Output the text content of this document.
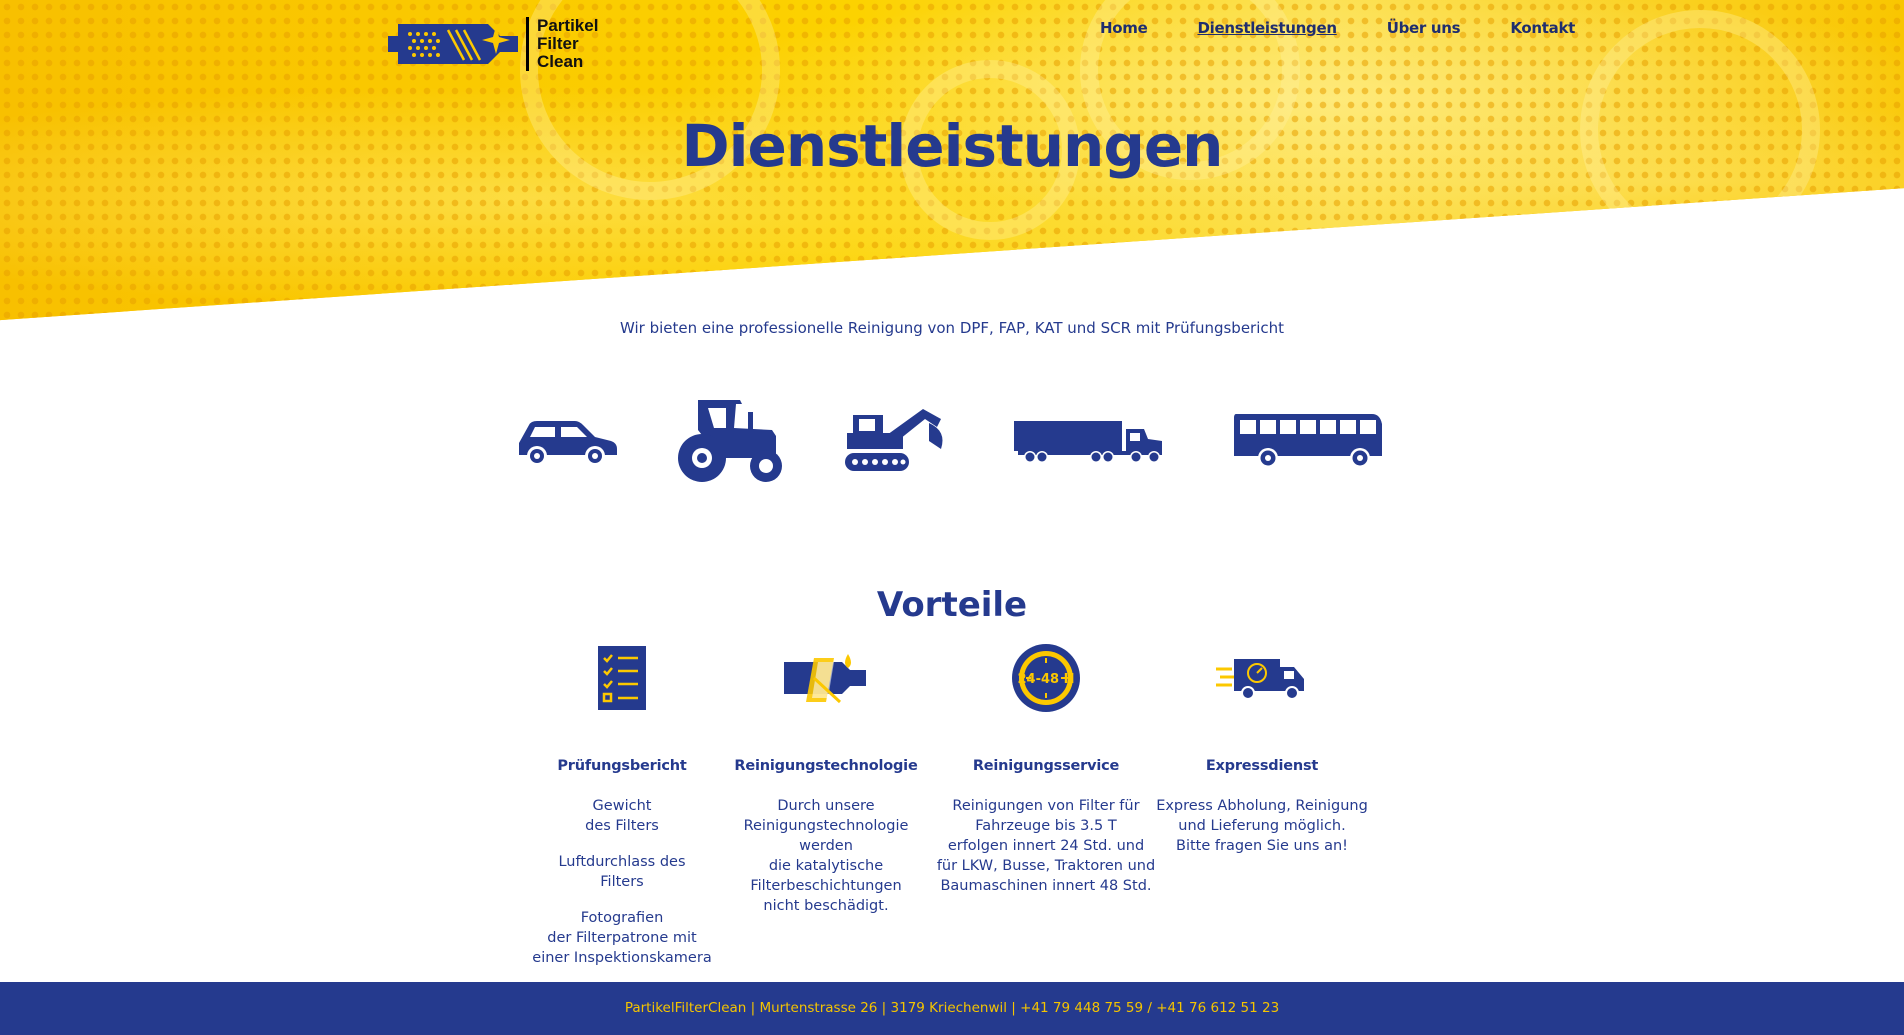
Partikel
Filter
Clean
Home	Dienstleistungen	Über uns	Kontakt
Dienstleistungen

Wir bieten eine professionelle Reinigung von DPF, FAP, KAT und SCR mit Prüfungsbericht

Vorteile
Prüfungsbericht

Gewicht
des Filters

Luftdurchlass des
Filters

Fotografien
der Filterpatrone mit
einer Inspektionskamera

Reinigungstechnologie

Durch unsere
Reinigungstechnologie werden
die katalytische
Filterbeschichtungen
nicht beschädigt.

24-48 H
Reinigungsservice

Reinigungen von Filter für
Fahrzeuge bis 3.5 T
erfolgen innert 24 Std. und
für LKW, Busse, Traktoren und
Baumaschinen innert 48 Std.

Expressdienst

Express Abholung, Reinigung
und Lieferung möglich.
Bitte fragen Sie uns an!

PartikelFilterClean | Murtenstrasse 26 | 3179 Kriechenwil | +41 79 448 75 59 / +41 76 612 51 23
